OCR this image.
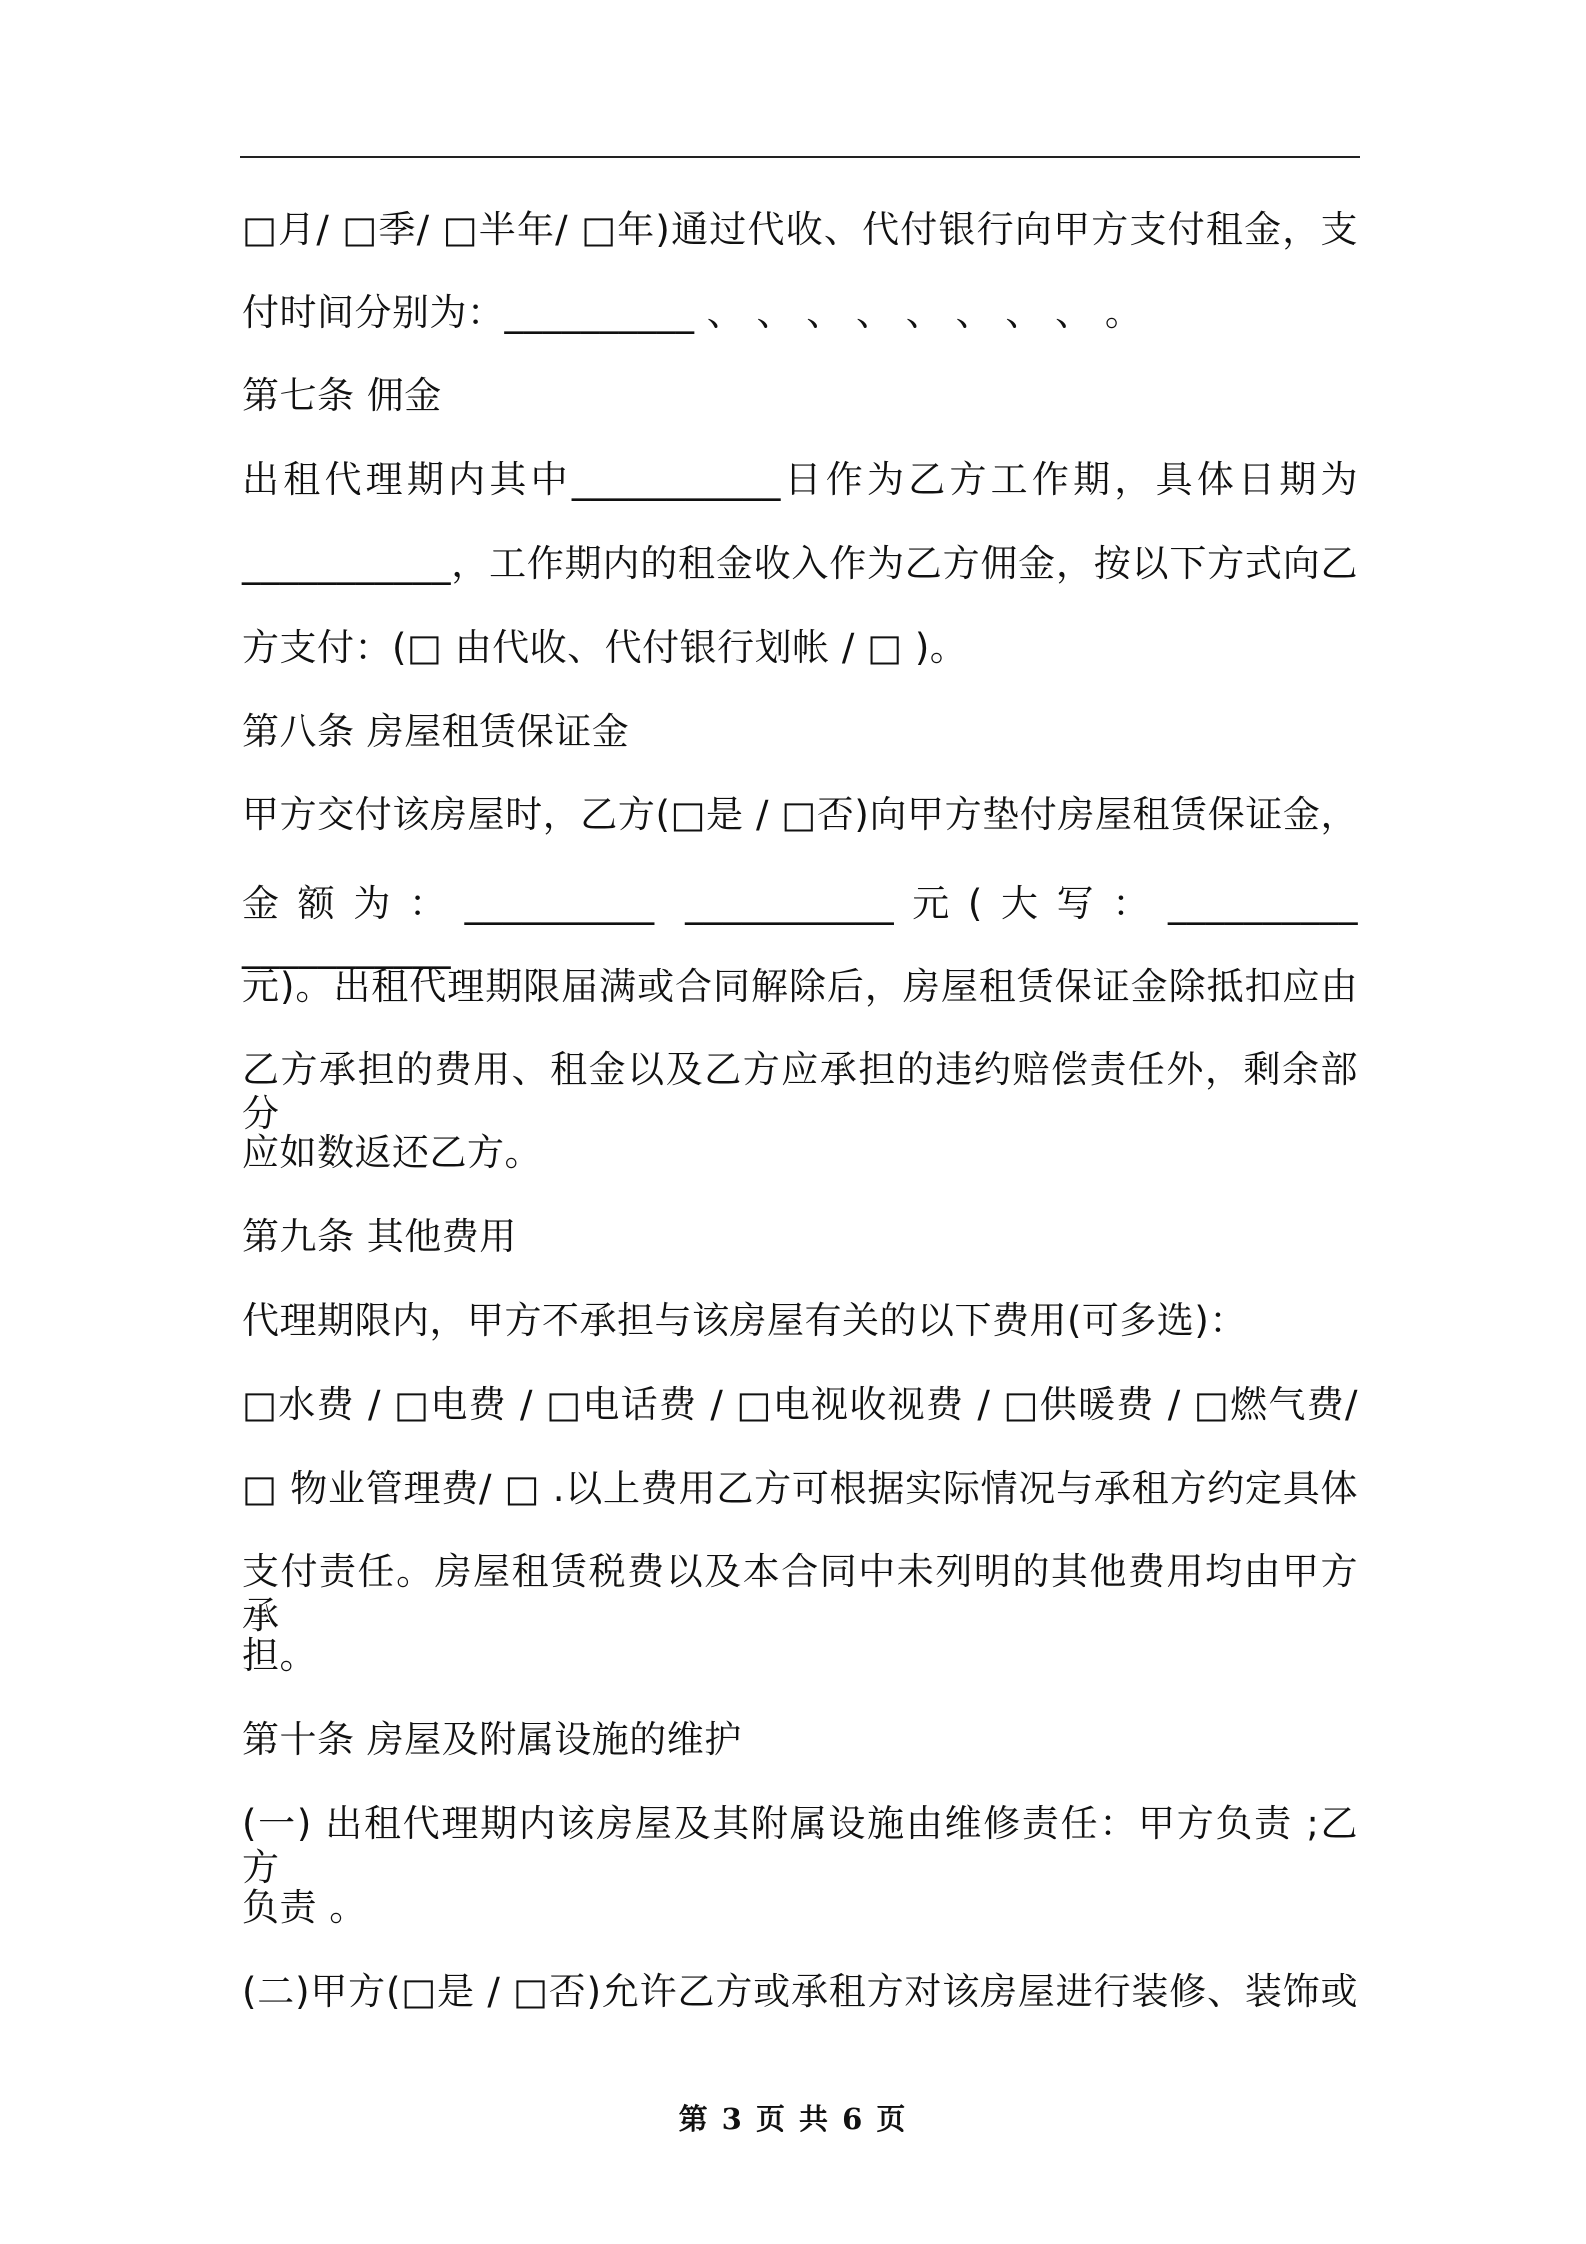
□月/ □季/ □半年/ □年)通过代收、代付银行向甲方支付租金，支
付时间分别为：__________ 、 、 、 、 、 、 、 、 。
第七条 佣金
出租代理期内其中___________日作为乙方工作期，具体日期为
___________，工作期内的租金收入作为乙方佣金，按以下方式向乙
方支付：(□ 由代收、代付银行划帐 / □ )。
第八条 房屋租赁保证金
甲方交付该房屋时，乙方(□是 / □否)向甲方垫付房屋租赁保证金，
金额为：__________ ___________元(大写：__________ ___________
元)。出租代理期限届满或合同解除后，房屋租赁保证金除抵扣应由
乙方承担的费用、租金以及乙方应承担的违约赔偿责任外，剩余部分
应如数返还乙方。
第九条 其他费用
代理期限内，甲方不承担与该房屋有关的以下费用(可多选)：
□水费 / □电费 / □电话费 / □电视收视费 / □供暖费 / □燃气费/
□ 物业管理费/ □ .以上费用乙方可根据实际情况与承租方约定具体
支付责任。房屋租赁税费以及本合同中未列明的其他费用均由甲方承
担。
第十条 房屋及附属设施的维护
(一) 出租代理期内该房屋及其附属设施由维修责任：甲方负责 ;乙方
负责 。
(二)甲方(□是 / □否)允许乙方或承租方对该房屋进行装修、装饰或
第 3 页 共 6 页
